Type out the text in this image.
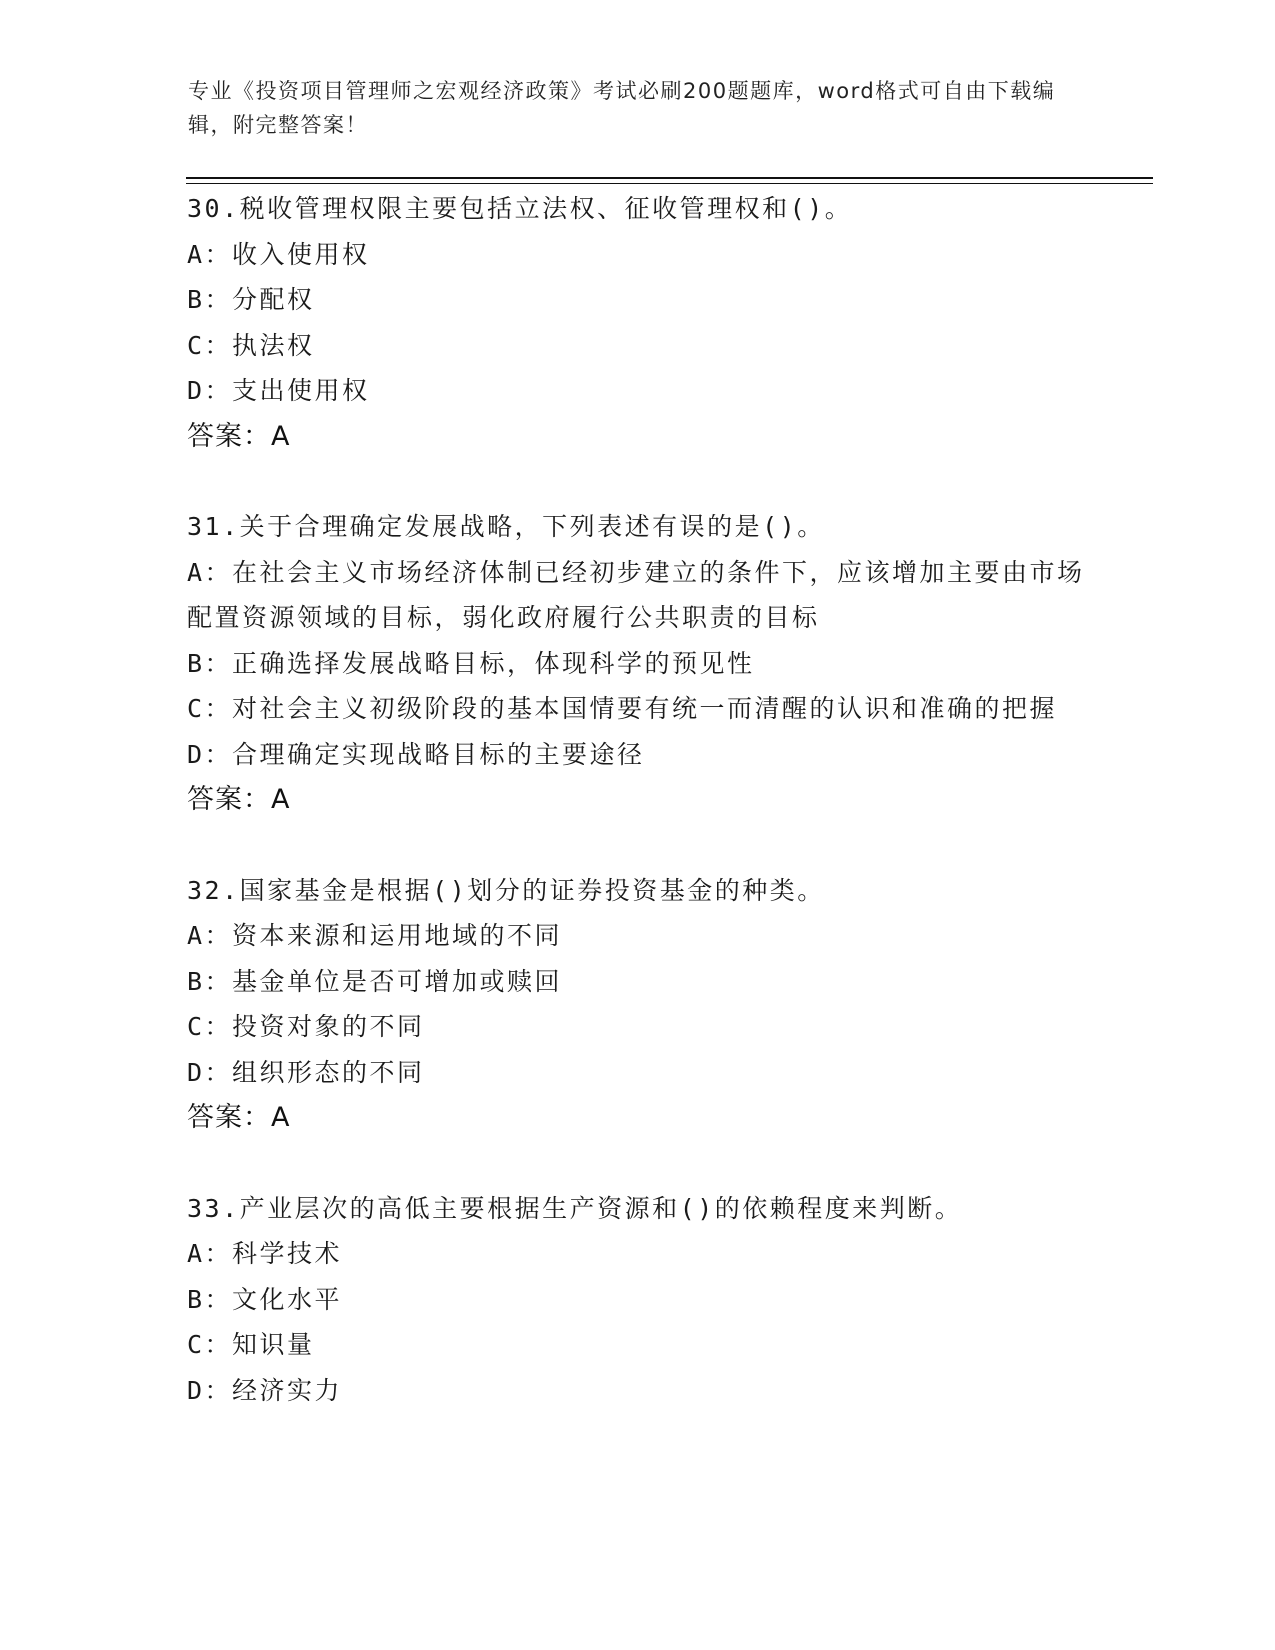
专业《投资项目管理师之宏观经济政策》考试必刷200题题库，word格式可自由下载编辑，附完整答案！

30.税收管理权限主要包括立法权、征收管理权和()。

A：收入使用权

B：分配权

C：执法权

D：支出使用权

答案：A

31.关于合理确定发展战略，下列表述有误的是()。

A：在社会主义市场经济体制已经初步建立的条件下，应该增加主要由市场配置资源领域的目标，弱化政府履行公共职责的目标

B：正确选择发展战略目标，体现科学的预见性

C：对社会主义初级阶段的基本国情要有统一而清醒的认识和准确的把握

D：合理确定实现战略目标的主要途径

答案：A

32.国家基金是根据()划分的证券投资基金的种类。

A：资本来源和运用地域的不同

B：基金单位是否可增加或赎回

C：投资对象的不同

D：组织形态的不同

答案：A

33.产业层次的高低主要根据生产资源和()的依赖程度来判断。

A：科学技术

B：文化水平

C：知识量

D：经济实力
